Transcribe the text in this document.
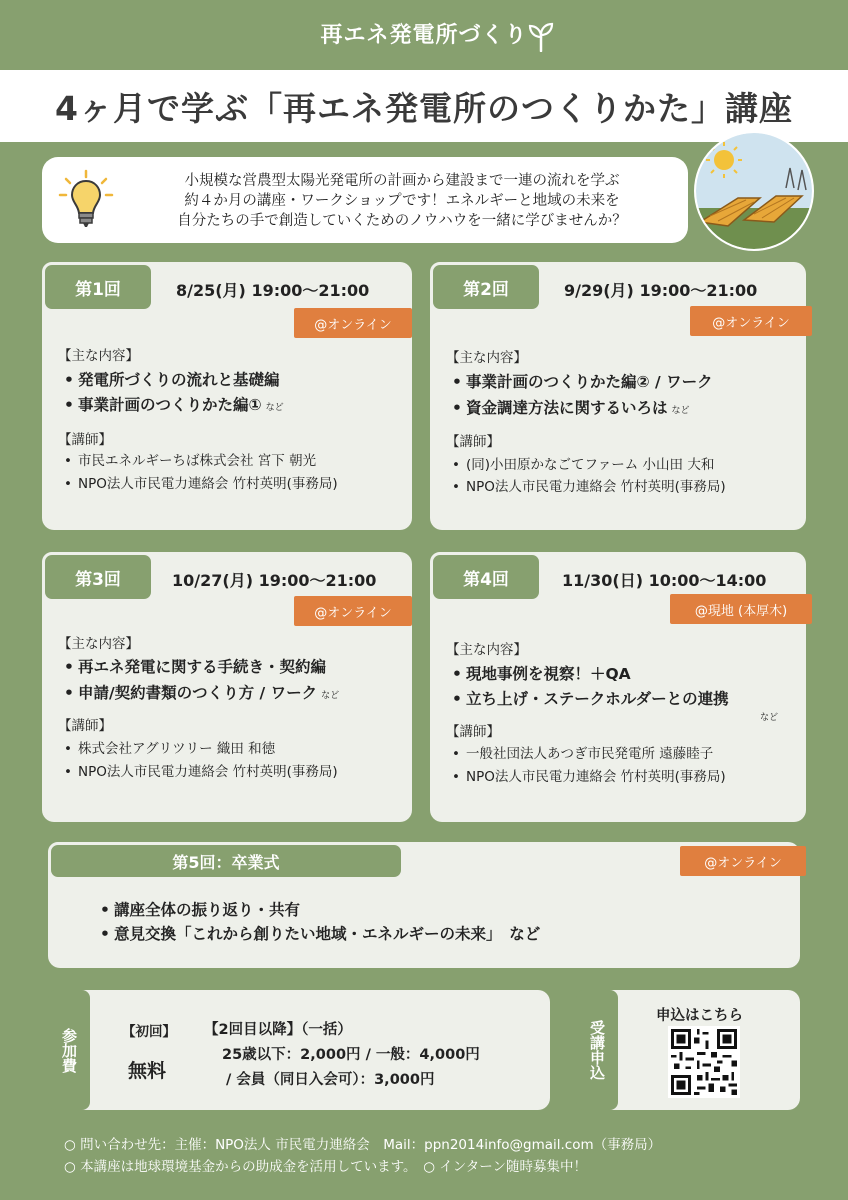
再エネ発電所づくり
4ヶ月で学ぶ「再エネ発電所のつくりかた」講座
小規模な営農型太陽光発電所の計画から建設まで一連の流れを学ぶ
約４か月の講座・ワークショップです！エネルギーと地域の未来を
自分たちの手で創造していくためのノウハウを一緒に学びませんか？
第1回	8/25(月) 19:00〜21:00
@オンライン
【主な内容】
• 発電所づくりの流れと基礎編
• 事業計画のつくりかた編① など
【講師】
• 市民エネルギーちば株式会社 宮下 朝光
• NPO法人市民電力連絡会 竹村英明(事務局)
第2回	9/29(月) 19:00〜21:00
@オンライン
【主な内容】
• 事業計画のつくりかた編② / ワーク
• 資金調達方法に関するいろは など
【講師】
• (同)小田原かなごてファーム 小山田 大和
• NPO法人市民電力連絡会 竹村英明(事務局)
第3回	10/27(月) 19:00〜21:00
@オンライン
【主な内容】
• 再エネ発電に関する手続き・契約編
• 申請/契約書類のつくり方 / ワーク など
【講師】
• 株式会社アグリツリー 織田 和徳
• NPO法人市民電力連絡会 竹村英明(事務局)
第4回	11/30(日) 10:00〜14:00
@現地 (本厚木)
【主な内容】
• 現地事例を視察！＋QA
• 立ち上げ・ステークホルダーとの連携
など
【講師】
• 一般社団法人あつぎ市民発電所 遠藤睦子
• NPO法人市民電力連絡会 竹村英明(事務局)
第5回：卒業式	@オンライン
• 講座全体の振り返り・共有
• 意見交換「これから創りたい地域・エネルギーの未来」　など
参加費	【初回】
無料
【2回目以降】（一括）
25歳以下：2,000円 / 一般：4,000円
/ 会員（同日入会可）：3,000円	受講申込
申込はこちら
○ 問い合わせ先：主催：NPO法人 市民電力連絡会　Mail：ppn2014info@gmail.com（事務局）
○ 本講座は地球環境基金からの助成金を活用しています。　○ インターン随時募集中！
